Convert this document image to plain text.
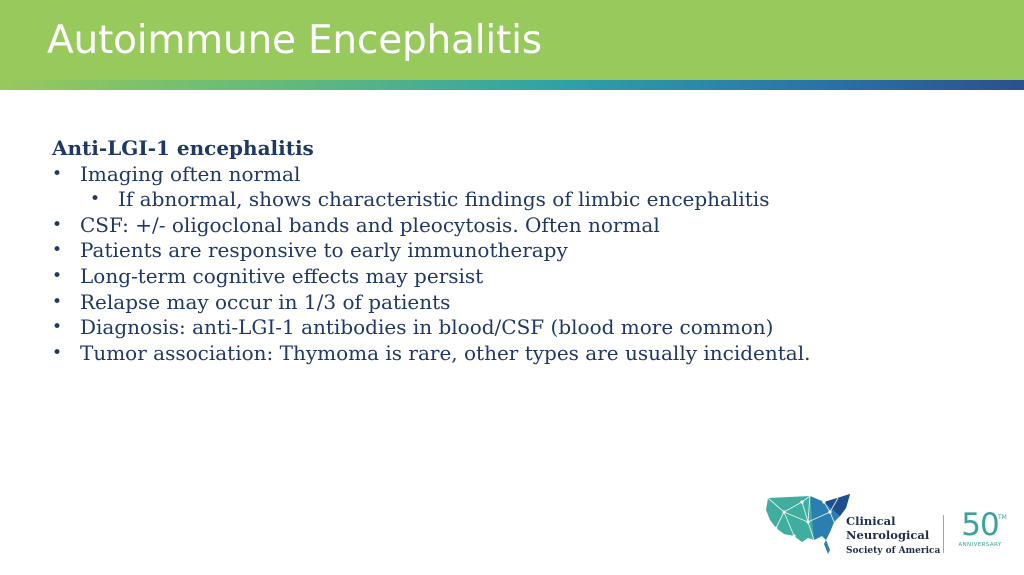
Autoimmune Encephalitis

Anti-LGI-1 encephalitis

• Imaging often normal
• If abnormal, shows characteristic findings of limbic encephalitis
• CSF: +/- oligoclonal bands and pleocytosis. Often normal
• Patients are responsive to early immunotherapy
• Long-term cognitive effects may persist
• Relapse may occur in 1/3 of patients
• Diagnosis: anti-LGI-1 antibodies in blood/CSF (blood more common)
• Tumor association: Thymoma is rare, other types are usually incidental.

Clinical
Neurological
Society of America

50 TM
ANNIVERSARY
